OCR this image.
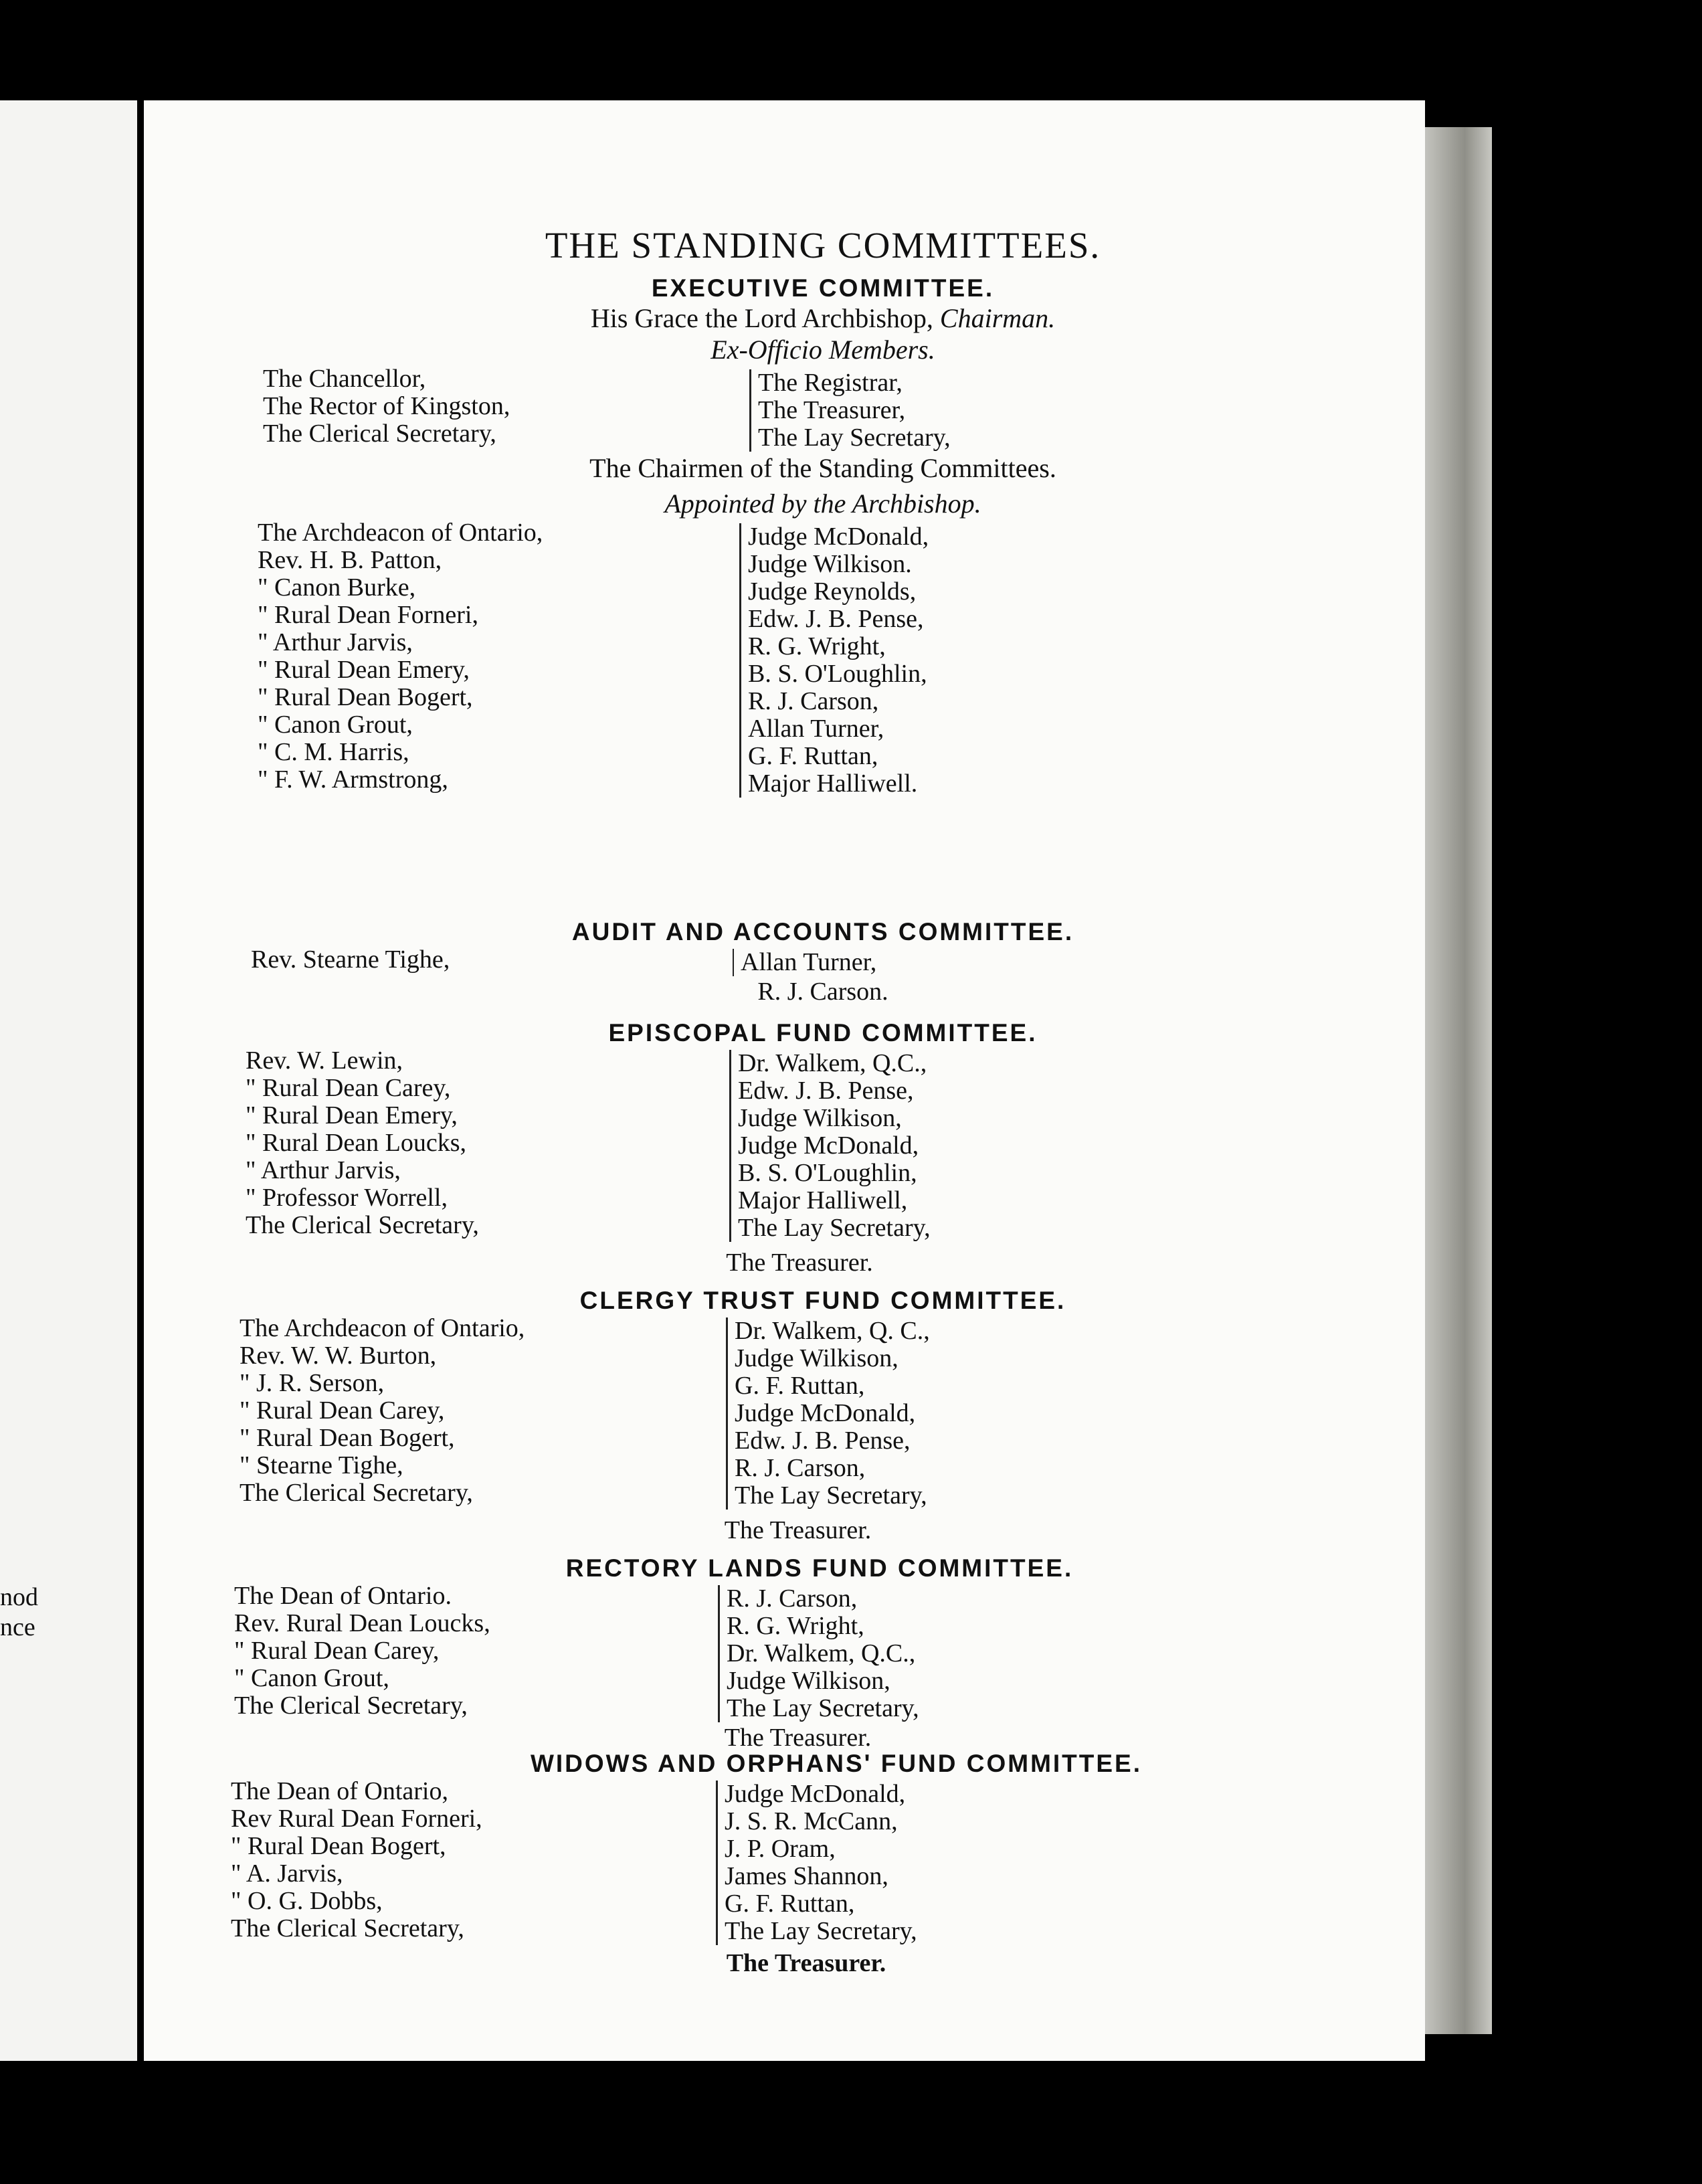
nod
nce
THE STANDING COMMITTEES.
EXECUTIVE COMMITTEE.
His Grace the Lord Archbishop, Chairman.
Ex-Officio Members.
The Chancellor,
The Rector of Kingston,
The Clerical Secretary,
The Registrar,
The Treasurer,
The Lay Secretary,
The Chairmen of the Standing Committees.
Appointed by the Archbishop.
The Archdeacon of Ontario,
Rev. H. B. Patton,
" Canon Burke,
" Rural Dean Forneri,
" Arthur Jarvis,
" Rural Dean Emery,
" Rural Dean Bogert,
" Canon Grout,
" C. M. Harris,
" F. W. Armstrong,
Judge McDonald,
Judge Wilkison.
Judge Reynolds,
Edw. J. B. Pense,
R. G. Wright,
B. S. O'Loughlin,
R. J. Carson,
Allan Turner,
G. F. Ruttan,
Major Halliwell.
AUDIT AND ACCOUNTS COMMITTEE.
Rev. Stearne Tighe,	Allan Turner,
R. J. Carson.
EPISCOPAL FUND COMMITTEE.
Rev. W. Lewin,
" Rural Dean Carey,
" Rural Dean Emery,
" Rural Dean Loucks,
" Arthur Jarvis,
" Professor Worrell,
The Clerical Secretary,
Dr. Walkem, Q.C.,
Edw. J. B. Pense,
Judge Wilkison,
Judge McDonald,
B. S. O'Loughlin,
Major Halliwell,
The Lay Secretary,
The Treasurer.
CLERGY TRUST FUND COMMITTEE.
The Archdeacon of Ontario,
Rev. W. W. Burton,
" J. R. Serson,
" Rural Dean Carey,
" Rural Dean Bogert,
" Stearne Tighe,
The Clerical Secretary,
Dr. Walkem, Q. C.,
Judge Wilkison,
G. F. Ruttan,
Judge McDonald,
Edw. J. B. Pense,
R. J. Carson,
The Lay Secretary,
The Treasurer.
RECTORY LANDS FUND COMMITTEE.
The Dean of Ontario.
Rev. Rural Dean Loucks,
" Rural Dean Carey,
" Canon Grout,
The Clerical Secretary,
R. J. Carson,
R. G. Wright,
Dr. Walkem, Q.C.,
Judge Wilkison,
The Lay Secretary,
The Treasurer.
WIDOWS AND ORPHANS' FUND COMMITTEE.
The Dean of Ontario,
Rev Rural Dean Forneri,
" Rural Dean Bogert,
" A. Jarvis,
" O. G. Dobbs,
The Clerical Secretary,
Judge McDonald,
J. S. R. McCann,
J. P. Oram,
James Shannon,
G. F. Ruttan,
The Lay Secretary,
The Treasurer.
